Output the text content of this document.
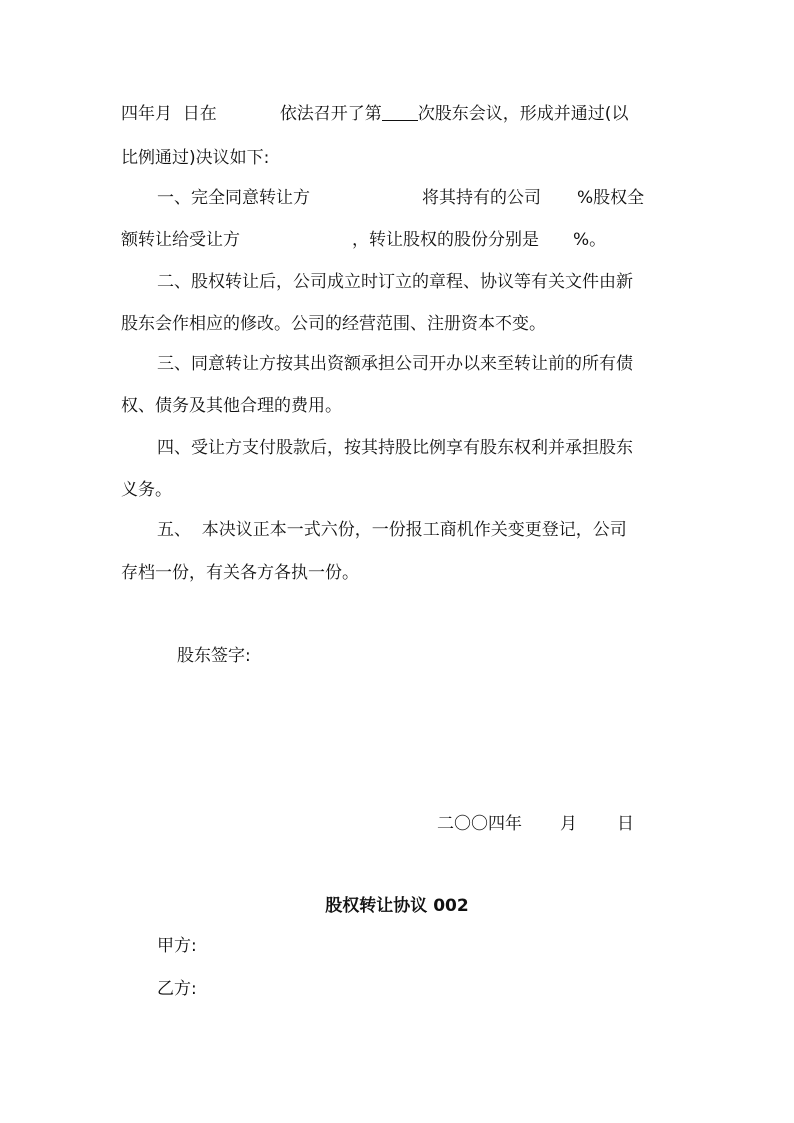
四年月  日在	依法召开了第 次股东会议，形成并通过(以
比例通过)决议如下:
一、完全同意转让方	将其持有的公司 %股权全
额转让给受让方	，转让股权的股份分别是 %。
二、股权转让后，公司成立时订立的章程、协议等有关文件由新
股东会作相应的修改。公司的经营范围、注册资本不变。
三、同意转让方按其出资额承担公司开办以来至转让前的所有债
权、债务及其他合理的费用。
四、受让方支付股款后，按其持股比例享有股东权利并承担股东
义务。
五、  本决议正本一式六份，一份报工商机作关变更登记，公司
存档一份，有关各方各执一份。
股东签字:
二〇〇四年 月 日
股权转让协议 002
甲方:
乙方:
